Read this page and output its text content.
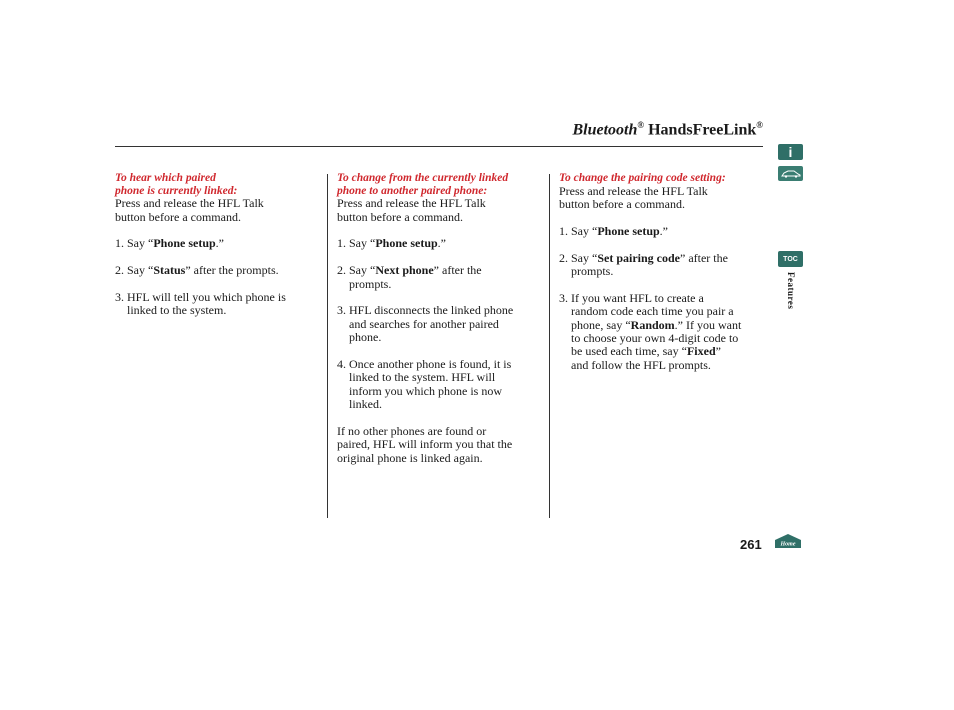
Bluetooth® HandsFreeLink®
To hear which paired
phone is currently linked:
Press and release the HFL Talk
button before a command.
1. Say “Phone setup.”
2. Say “Status” after the prompts.
3. HFL will tell you which phone is
linked to the system.
To change from the currently linked
phone to another paired phone:
Press and release the HFL Talk
button before a command.
1. Say “Phone setup.”
2. Say “Next phone” after the
prompts.
3. HFL disconnects the linked phone
and searches for another paired
phone.
4. Once another phone is found, it is
linked to the system. HFL will
inform you which phone is now
linked.
If no other phones are found or
paired, HFL will inform you that the
original phone is linked again.
To change the pairing code setting:
Press and release the HFL Talk
button before a command.
1. Say “Phone setup.”
2. Say “Set pairing code” after the
prompts.
3. If you want HFL to create a
random code each time you pair a
phone, say “Random.” If you want
to choose your own 4-digit code to
be used each time, say “Fixed”
and follow the HFL prompts.
i
TOC
Features
261	Home
